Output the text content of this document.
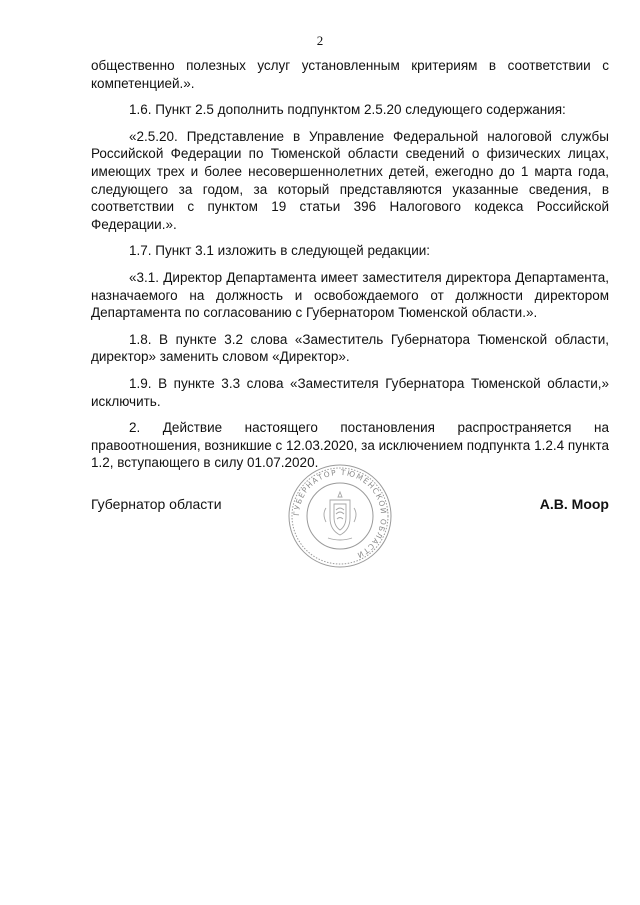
2

общественно полезных услуг установленным критериям в соответствии с компетенцией.».

1.6. Пункт 2.5 дополнить подпунктом 2.5.20 следующего содержания:

«2.5.20. Представление в Управление Федеральной налоговой службы Российской Федерации по Тюменской области сведений о физических лицах, имеющих трех и более несовершеннолетних детей, ежегодно до 1 марта года, следующего за годом, за который представляются указанные сведения, в соответствии с пунктом 19 статьи 396 Налогового кодекса Российской Федерации.».

1.7. Пункт 3.1 изложить в следующей редакции:

«3.1. Директор Департамента имеет заместителя директора Департамента, назначаемого на должность и освобождаемого от должности директором Департамента по согласованию с Губернатором Тюменской области.».

1.8. В пункте 3.2 слова «Заместитель Губернатора Тюменской области, директор» заменить словом «Директор».

1.9. В пункте 3.3 слова «Заместителя Губернатора Тюменской области,» исключить.

2. Действие настоящего постановления распространяется на правоотношения, возникшие с 12.03.2020, за исключением подпункта 1.2.4 пункта 1.2, вступающего в силу 01.07.2020.

ГУБЕРНАТОР ТЮМЕНСКОЙ ОБЛАСТИ
Губернатор области	А.В. Моор
